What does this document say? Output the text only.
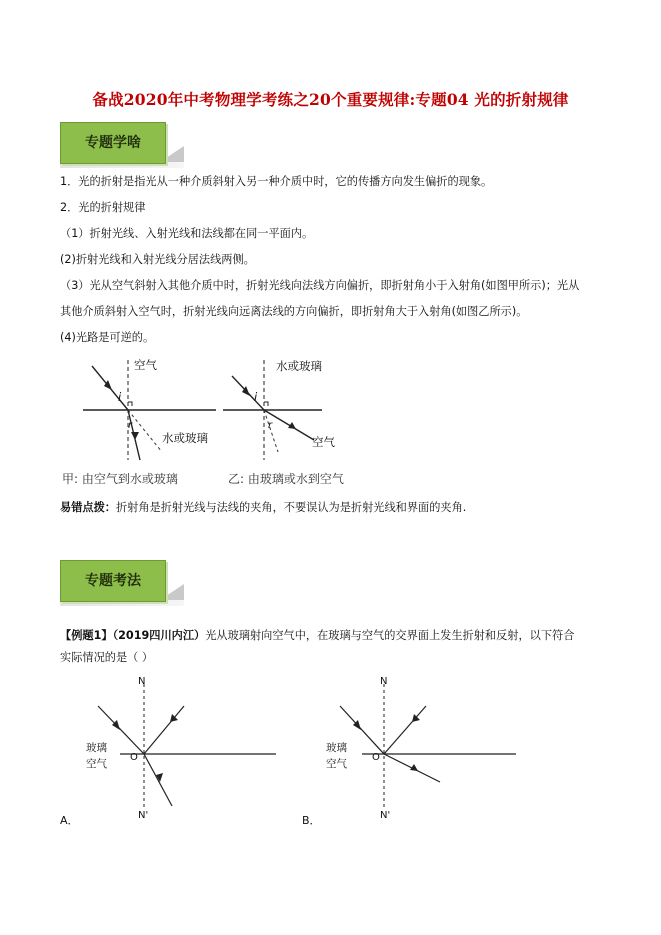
备战2020年中考物理学考练之20个重要规律:专题04 光的折射规律
专题学啥
1．光的折射是指光从一种介质斜射入另一种介质中时，它的传播方向发生偏折的现象。
2．光的折射规律
（1）折射光线、入射光线和法线都在同一平面内。
(2)折射光线和入射光线分居法线两侧。
（3）光从空气斜射入其他介质中时，折射光线向法线方向偏折，即折射角小于入射角(如图甲所示)；光从
其他介质斜射入空气时，折射光线向远离法线的方向偏折，即折射角大于入射角(如图乙所示)。
(4)光路是可逆的。
空气
i
r
水或玻璃
甲: 由空气到水或玻璃
水或玻璃
i
r
空气
乙: 由玻璃或水到空气
易错点拨：折射角是折射光线与法线的夹角，不要误认为是折射光线和界面的夹角.
专题考法
【例题1】（2019四川内江）光从玻璃射向空气中，在玻璃与空气的交界面上发生折射和反射，以下符合
实际情况的是（ ）
N
N'
O
玻璃
空气
A．
N
N'
O
玻璃
空气
B．
